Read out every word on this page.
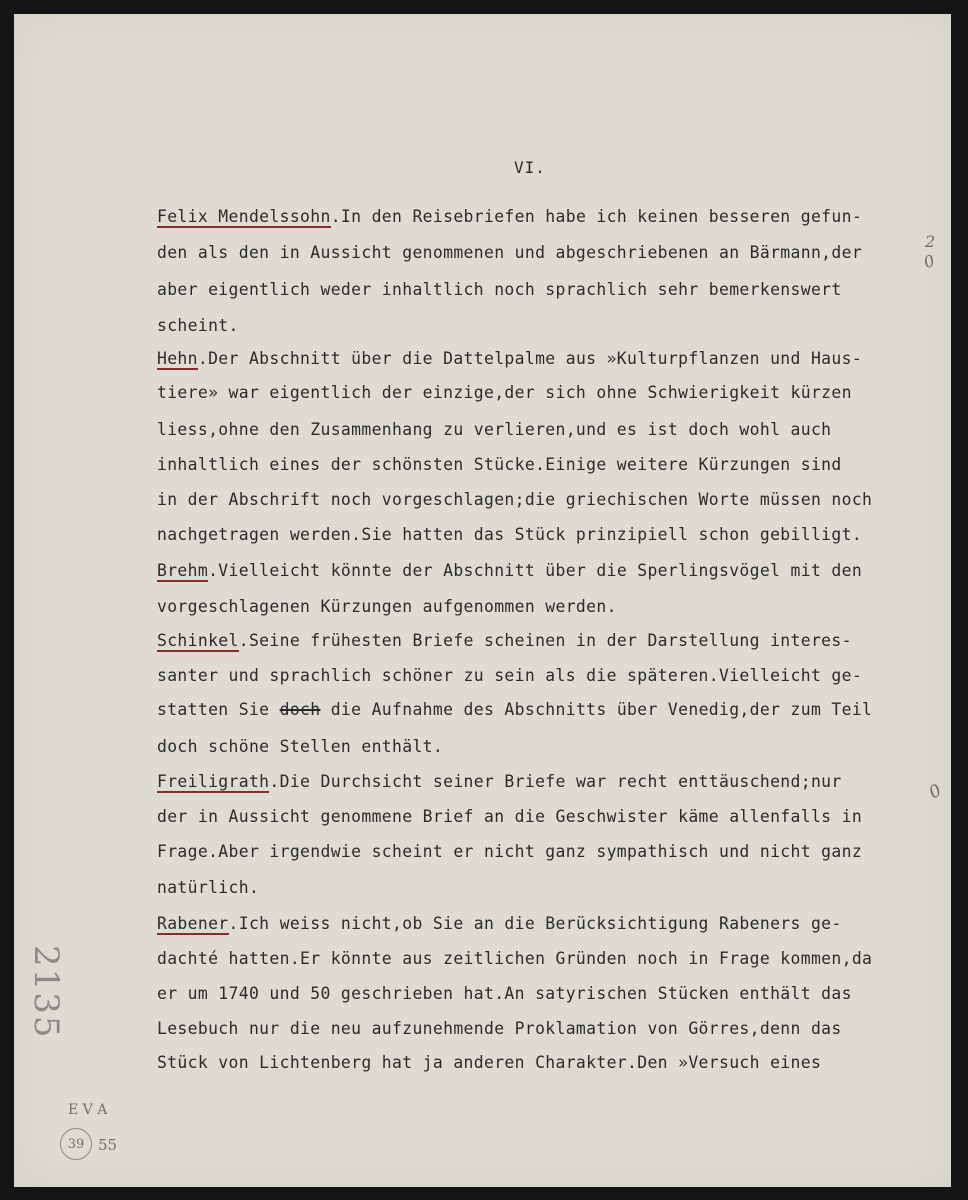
VI.
Felix Mendelssohn.In den Reisebriefen habe ich keinen besseren gefun-
den als den in Aussicht genommenen und abgeschriebenen an Bärmann,der
aber eigentlich weder inhaltlich noch sprachlich sehr bemerkenswert
scheint.
Hehn.Der Abschnitt über die Dattelpalme aus »Kulturpflanzen und Haus-
tiere» war eigentlich der einzige,der sich ohne Schwierigkeit kürzen
liess,ohne den Zusammenhang zu verlieren,und es ist doch wohl auch
inhaltlich eines der schönsten Stücke.Einige weitere Kürzungen sind
in der Abschrift noch vorgeschlagen;die griechischen Worte müssen noch
nachgetragen werden.Sie hatten das Stück prinzipiell schon gebilligt.
Brehm.Vielleicht könnte der Abschnitt über die Sperlingsvögel mit den
vorgeschlagenen Kürzungen aufgenommen werden.
Schinkel.Seine frühesten Briefe scheinen in der Darstellung interes-
santer und sprachlich schöner zu sein als die späteren.Vielleicht ge-
statten Sie doch die Aufnahme des Abschnitts über Venedig,der zum Teil
doch schöne Stellen enthält.
Freiligrath.Die Durchsicht seiner Briefe war recht enttäuschend;nur
der in Aussicht genommene Brief an die Geschwister käme allenfalls in
Frage.Aber irgendwie scheint er nicht ganz sympathisch und nicht ganz
natürlich.
Rabener.Ich weiss nicht,ob Sie an die Berücksichtigung Rabeners ge-
dachté hatten.Er könnte aus zeitlichen Gründen noch in Frage kommen,da
er um 1740 und 50 geschrieben hat.An satyrischen Stücken enthält das
Lesebuch nur die neu aufzunehmende Proklamation von Görres,denn das
Stück von Lichtenberg hat ja anderen Charakter.Den »Versuch eines
2
0
0
2135
E V A
39 55
